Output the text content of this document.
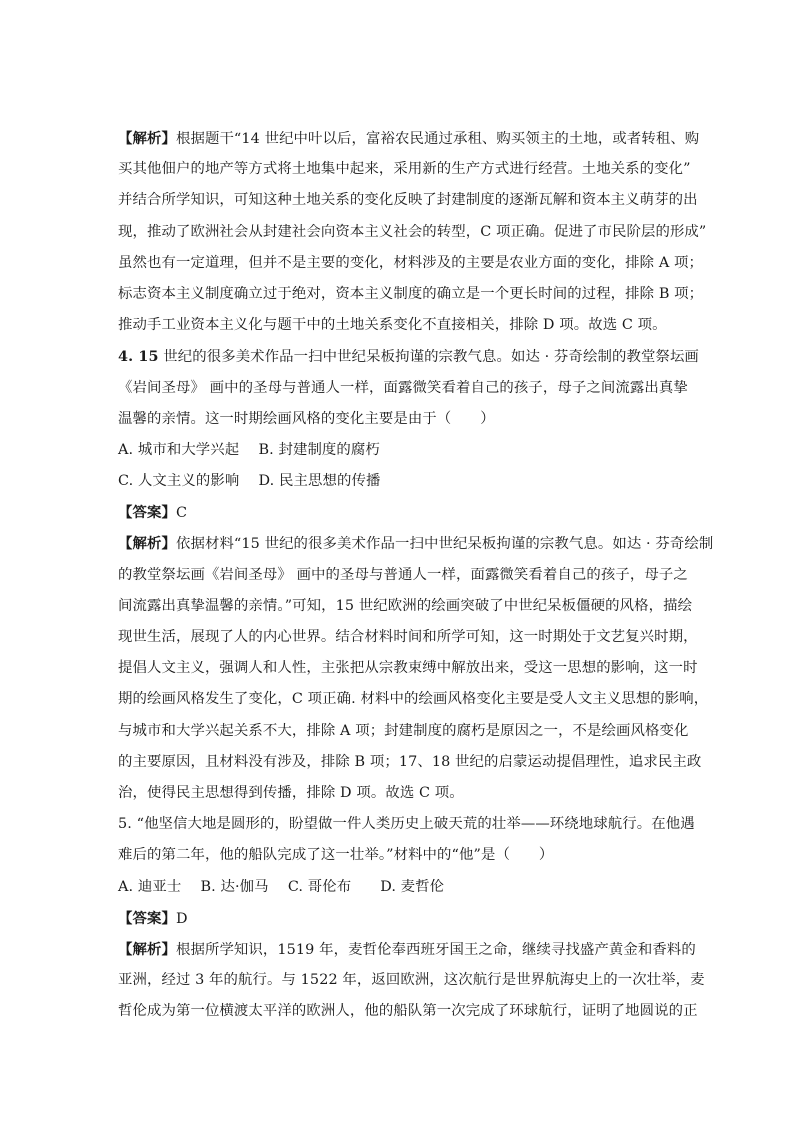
【解析】根据题干“14 世纪中叶以后，富裕农民通过承租、购买领主的土地，或者转租、购
买其他佃户的地产等方式将土地集中起来，采用新的生产方式进行经营。土地关系的变化”
并结合所学知识，可知这种土地关系的变化反映了封建制度的逐渐瓦解和资本主义萌芽的出
现，推动了欧洲社会从封建社会向资本主义社会的转型，C 项正确。促进了市民阶层的形成”
虽然也有一定道理，但并不是主要的变化，材料涉及的主要是农业方面的变化，排除 A 项；
标志资本主义制度确立过于绝对，资本主义制度的确立是一个更长时间的过程，排除 B 项；
推动手工业资本主义化与题干中的土地关系变化不直接相关，排除 D 项。故选 C 项。
4. 15 世纪的很多美术作品一扫中世纪呆板拘谨的宗教气息。如达 · 芬奇绘制的教堂祭坛画
《岩间圣母》 画中的圣母与普通人一样，面露微笑看着自己的孩子，母子之间流露出真挚
温馨的亲情。这一时期绘画风格的变化主要是由于（　　）
A. 城市和大学兴起　 B. 封建制度的腐朽
C. 人文主义的影响　 D. 民主思想的传播
【答案】C
【解析】依据材料“15 世纪的很多美术作品一扫中世纪呆板拘谨的宗教气息。如达 · 芬奇绘制
的教堂祭坛画《岩间圣母》 画中的圣母与普通人一样，面露微笑看着自己的孩子，母子之
间流露出真挚温馨的亲情。”可知，15 世纪欧洲的绘画突破了中世纪呆板僵硬的风格，描绘
现世生活，展现了人的内心世界。结合材料时间和所学可知，这一时期处于文艺复兴时期，
提倡人文主义，强调人和人性，主张把从宗教束缚中解放出来，受这一思想的影响，这一时
期的绘画风格发生了变化，C 项正确. 材料中的绘画风格变化主要是受人文主义思想的影响，
与城市和大学兴起关系不大，排除 A 项；封建制度的腐朽是原因之一，不是绘画风格变化
的主要原因，且材料没有涉及，排除 B 项；17、18 世纪的启蒙运动提倡理性，追求民主政
治，使得民主思想得到传播，排除 D 项。故选 C 项。
5. “他坚信大地是圆形的，盼望做一件人类历史上破天荒的壮举——环绕地球航行。在他遇
难后的第二年，他的船队完成了这一壮举。”材料中的“他”是（　　）
A. 迪亚士　 B. 达·伽马　 C. 哥伦布　　D. 麦哲伦
【答案】D
【解析】根据所学知识，1519 年，麦哲伦奉西班牙国王之命，继续寻找盛产黄金和香料的
亚洲，经过 3 年的航行。与 1522 年，返回欧洲，这次航行是世界航海史上的一次壮举，麦
哲伦成为第一位横渡太平洋的欧洲人，他的船队第一次完成了环球航行，证明了地圆说的正
